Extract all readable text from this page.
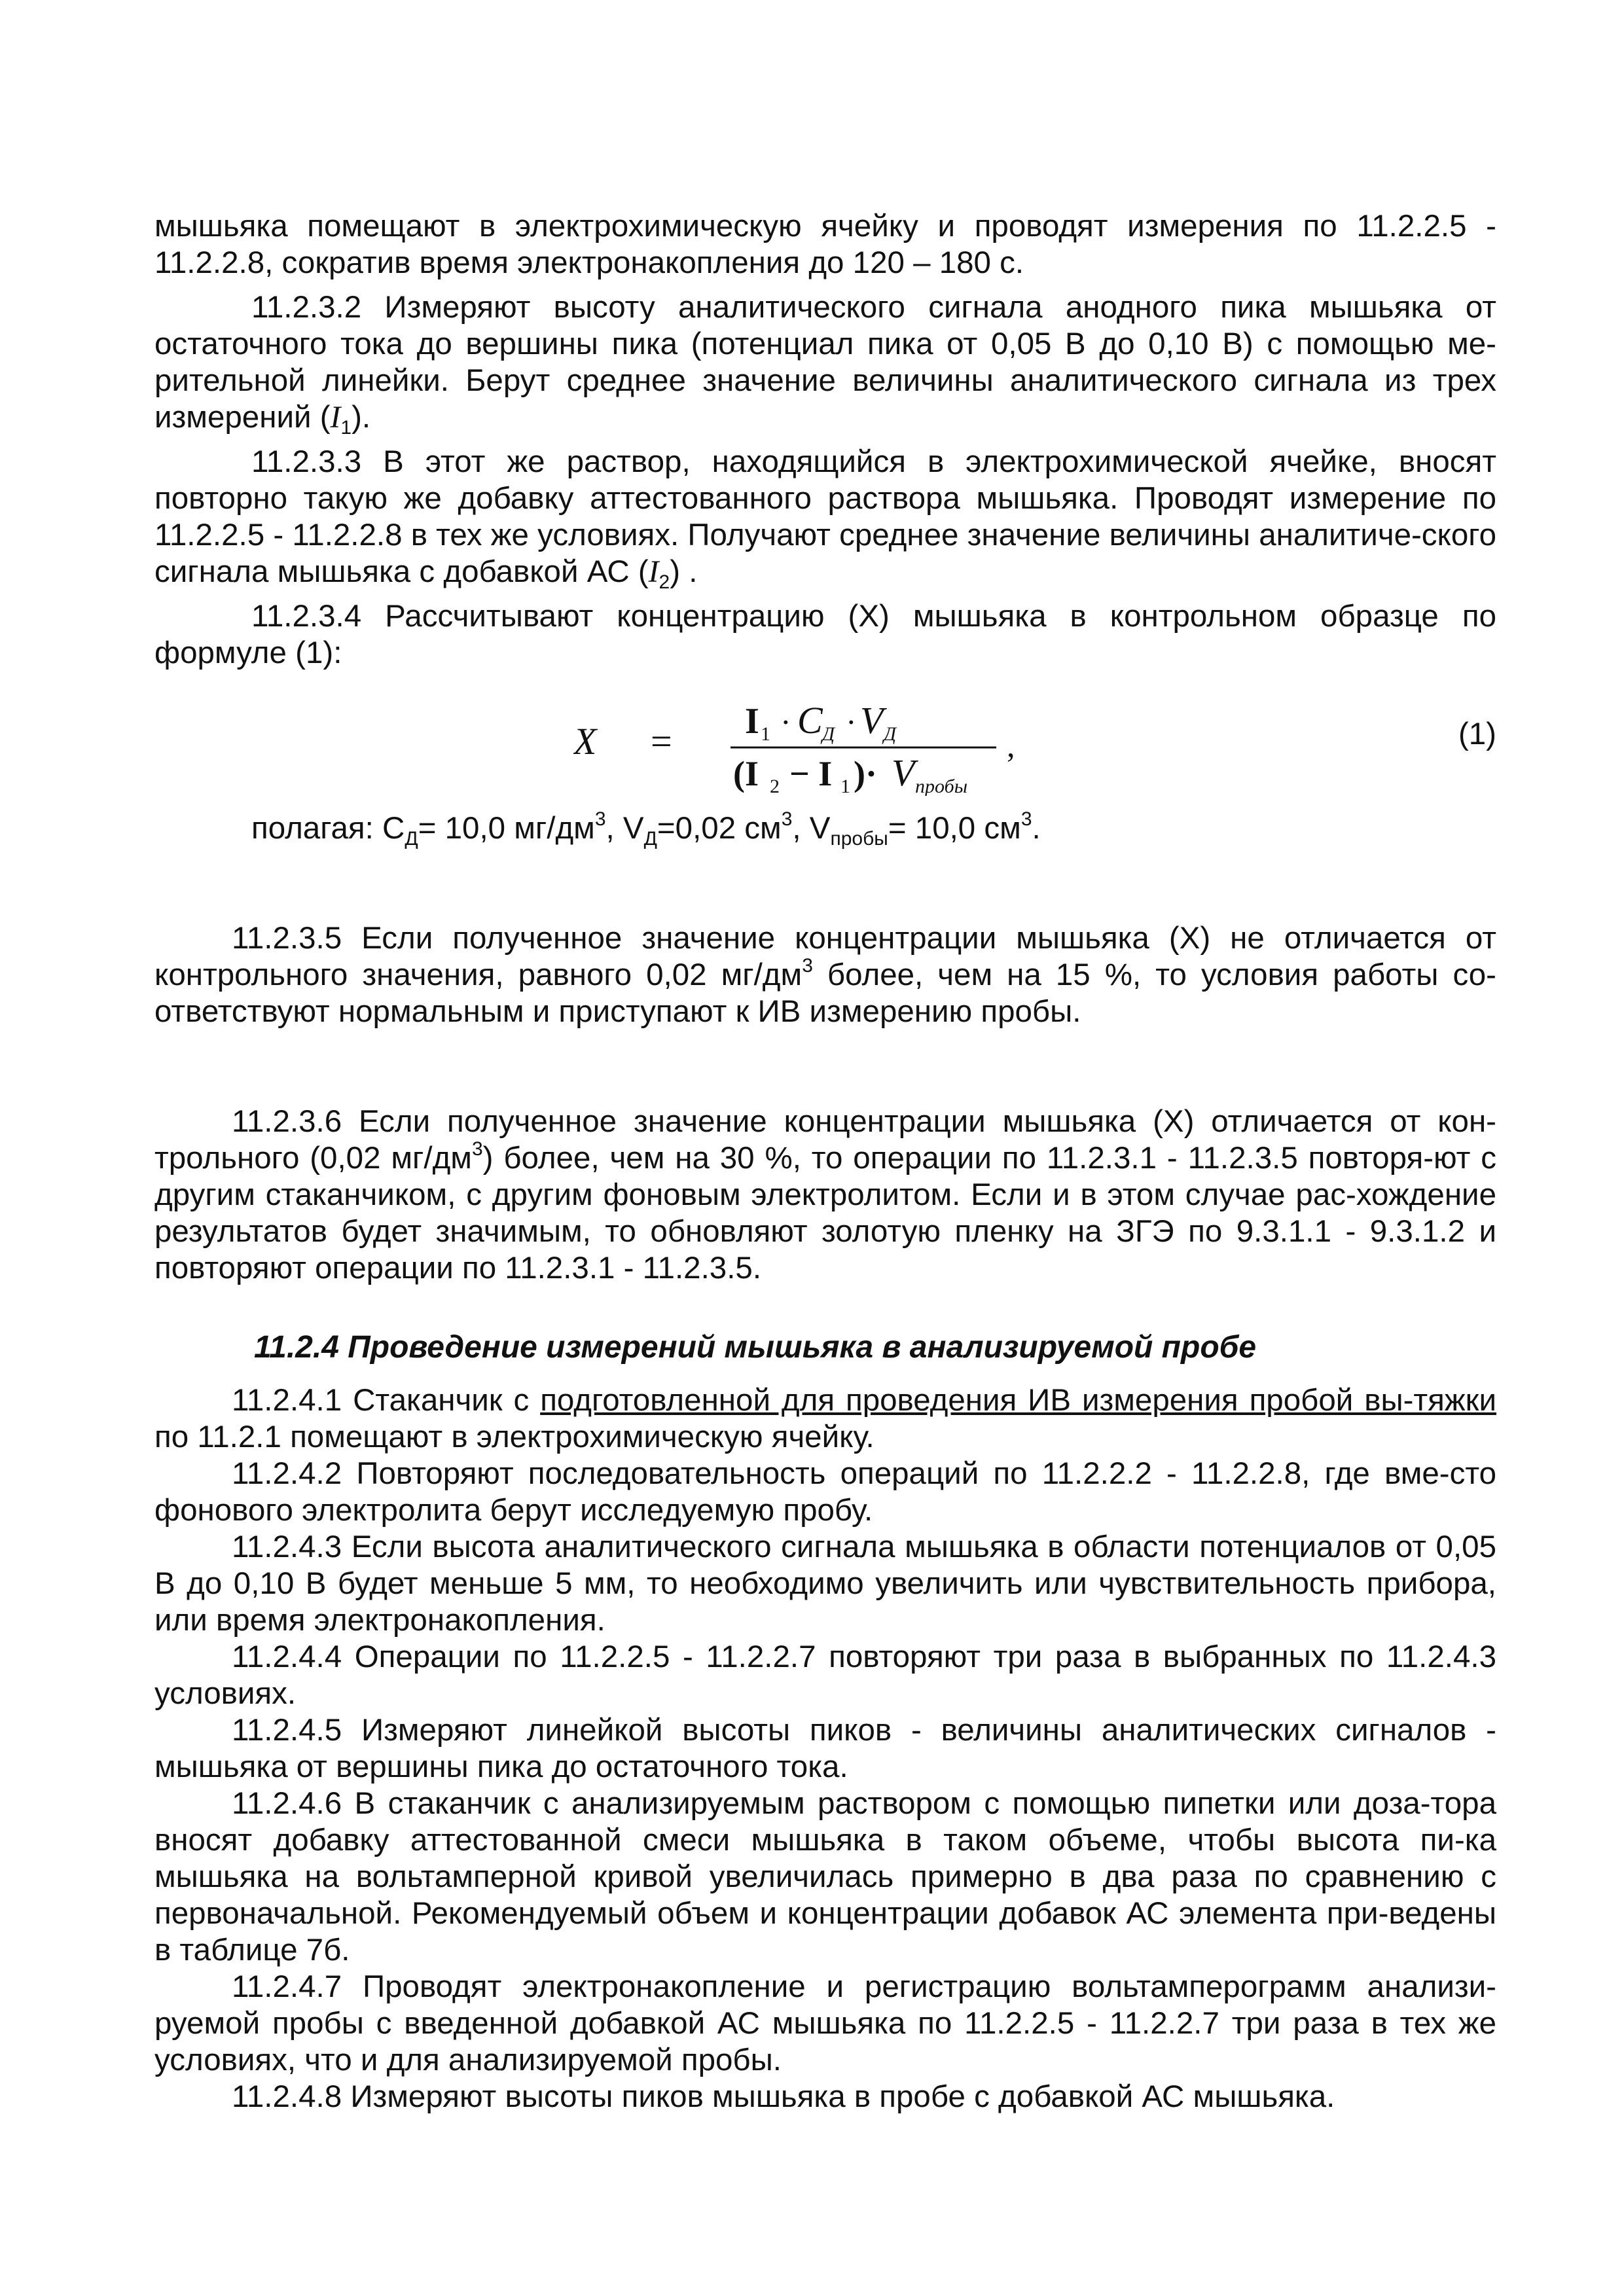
мышьяка помещают в электрохимическую ячейку и проводят измерения по 11.2.2.5 - 11.2.2.8, сократив время электронакопления до 120 – 180 с.

11.2.3.2 Измеряют высоту аналитического сигнала анодного пика мышьяка от остаточного тока до вершины пика (потенциал пика от 0,05 В до 0,10 В) с помощью ме-рительной линейки. Берут среднее значение величины аналитического сигнала из трех измерений $(I_1)$.

11.2.3.3 В этот же раствор, находящийся в электрохимической ячейке, вносят повторно такую же добавку аттестованного раствора мышьяка. Проводят измерение по 11.2.2.5 - 11.2.2.8 в тех же условиях. Получают среднее значение величины аналитиче-ского сигнала мышьяка с добавкой АС $(I_2)$ .

11.2.3.4 Рассчитывают концентрацию (X) мышьяка в контрольном образце по формуле (1):

X = I 1 · C Д · V Д
(I 2 − I 1 )· V пробы
,	(1)

полагая: $С_Д= 10,0$ $мг/дм^3$, $V_Д=0,02$ $см^3$, $V_{пробы}= 10,0$ $см^3$.

11.2.3.5 Если полученное значение концентрации мышьяка (X) не отличается от контрольного значения, равного 0,02 $мг/дм^3$ более, чем на 15 %, то условия работы со-ответствуют нормальным и приступают к ИВ измерению пробы.

11.2.3.6 Если полученное значение концентрации мышьяка (X) отличается от кон-трольного (0,02 $мг/дм^3$) более, чем на 30 %, то операции по 11.2.3.1 - 11.2.3.5 повторя-ют с другим стаканчиком, с другим фоновым электролитом. Если и в этом случае рас-хождение результатов будет значимым, то обновляют золотую пленку на ЗГЭ по 9.3.1.1 - 9.3.1.2 и повторяют операции по 11.2.3.1 - 11.2.3.5.

11.2.4 Проведение измерений мышьяка в анализируемой пробе

11.2.4.1 Стаканчик с подготовленной для проведения ИВ измерения пробой вы-тяжки по 11.2.1 помещают в электрохимическую ячейку.

11.2.4.2 Повторяют последовательность операций по 11.2.2.2 - 11.2.2.8, где вме-сто фонового электролита берут исследуемую пробу.

11.2.4.3 Если высота аналитического сигнала мышьяка в области потенциалов от 0,05 В до 0,10 В будет меньше 5 мм, то необходимо увеличить или чувствительность прибора, или время электронакопления.

11.2.4.4 Операции по 11.2.2.5 - 11.2.2.7 повторяют три раза в выбранных по 11.2.4.3 условиях.

11.2.4.5 Измеряют линейкой высоты пиков - величины аналитических сигналов - мышьяка от вершины пика до остаточного тока.

11.2.4.6 В стаканчик с анализируемым раствором с помощью пипетки или доза-тора вносят добавку аттестованной смеси мышьяка в таком объеме, чтобы высота пи-ка мышьяка на вольтамперной кривой увеличилась примерно в два раза по сравнению с первоначальной. Рекомендуемый объем и концентрации добавок АС элемента при-ведены в таблице 7б.

11.2.4.7 Проводят электронакопление и регистрацию вольтамперограмм анализи-руемой пробы с введенной добавкой АС мышьяка по 11.2.2.5 - 11.2.2.7 три раза в тех же условиях, что и для анализируемой пробы.

11.2.4.8 Измеряют высоты пиков мышьяка в пробе с добавкой АС мышьяка.
